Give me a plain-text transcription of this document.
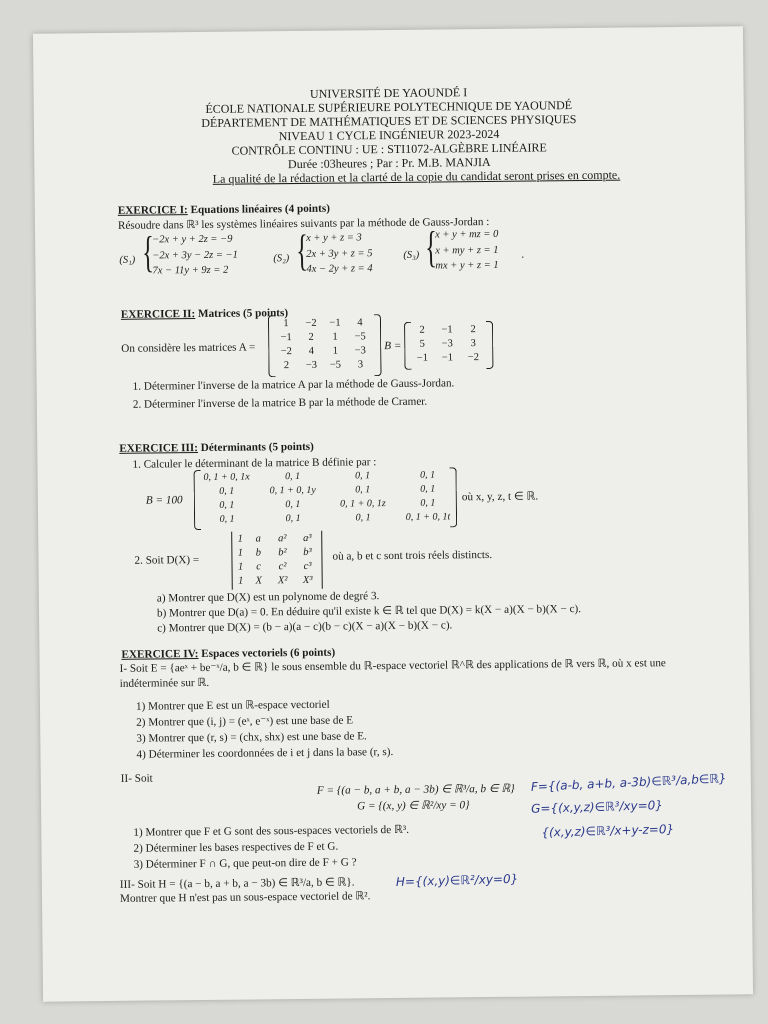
UNIVERSITÉ DE YAOUNDÉ I
ÉCOLE NATIONALE SUPÉRIEURE POLYTECHNIQUE DE YAOUNDÉ
DÉPARTEMENT DE MATHÉMATIQUES ET DE SCIENCES PHYSIQUES
NIVEAU 1 CYCLE INGÉNIEUR 2023-2024
CONTRÔLE CONTINU : UE : STI1072-ALGÈBRE LINÉAIRE
Durée :03heures ; Par : Pr. M.B. MANJIA
La qualité de la rédaction et la clarté de la copie du candidat seront prises en compte.
EXERCICE I: Equations linéaires (4 points)
Résoudre dans ℝ³ les systèmes linéaires suivants par la méthode de Gauss-Jordan :
(S₁) {
−2x + y + 2z = −9
−2x + 3y − 2z = −1
7x − 11y + 9z = 2
(S₂) {
x + y + z = 3
2x + 3y + z = 5
4x − 2y + z = 4
(S₃) {
x + y + mz = 0
x + my + z = 1
mx + y + z = 1
.
EXERCICE II: Matrices (5 points)
On considère les matrices A =
1	−2	−1	4
−1	2	1	−5
−2	4	1	−3
2	−3	−5	3
B =
2	−1	2
5	−3	3
−1	−1	−2
1. Déterminer l'inverse de la matrice A par la méthode de Gauss-Jordan.
2. Déterminer l'inverse de la matrice B par la méthode de Cramer.
EXERCICE III: Déterminants (5 points)
1. Calculer le déterminant de la matrice B définie par :
B = 100
0, 1 + 0, 1x	0, 1	0, 1	0, 1
0, 1	0, 1 + 0, 1y	0, 1	0, 1
0, 1	0, 1	0, 1 + 0, 1z	0, 1
0, 1	0, 1	0, 1	0, 1 + 0, 1t
où x, y, z, t ∈ ℝ.
2. Soit D(X) =
1	a	a²	a³
1	b	b²	b³
1	c	c²	c³
1	X	X²	X³
où a, b et c sont trois réels distincts.
a) Montrer que D(X) est un polynome de degré 3.
b) Montrer que D(a) = 0. En déduire qu'il existe k ∈ ℝ tel que D(X) = k(X − a)(X − b)(X − c).
c) Montrer que D(X) = (b − a)(a − c)(b − c)(X − a)(X − b)(X − c).
EXERCICE IV: Espaces vectoriels (6 points)
I- Soit E = {aeˣ + be⁻ˣ/a, b ∈ ℝ} le sous ensemble du ℝ-espace vectoriel ℝ^ℝ des applications de ℝ vers ℝ, où x est une
indéterminée sur ℝ.
1) Montrer que E est un ℝ-espace vectoriel
2) Montrer que (i, j) = (eˣ, e⁻ˣ) est une base de E
3) Montrer que (r, s) = (chx, shx) est une base de E.
4) Déterminer les coordonnées de i et j dans la base (r, s).
II- Soit
F = {(a − b, a + b, a − 3b) ∈ ℝ³/a, b ∈ ℝ}
G = {(x, y) ∈ ℝ²/xy = 0}
1) Montrer que F et G sont des sous-espaces vectoriels de ℝ³.
2) Déterminer les bases respectives de F et G.
3) Déterminer F ∩ G, que peut-on dire de F + G ?
III- Soit H = {(a − b, a + b, a − 3b) ∈ ℝ³/a, b ∈ ℝ}.
Montrer que H n'est pas un sous-espace vectoriel de ℝ².
F={(a-b, a+b, a-3b)∈ℝ³/a,b∈ℝ}
G={(x,y,z)∈ℝ³/xy=0}
{(x,y,z)∈ℝ³/x+y-z=0}
H={(x,y)∈ℝ²/xy=0}
